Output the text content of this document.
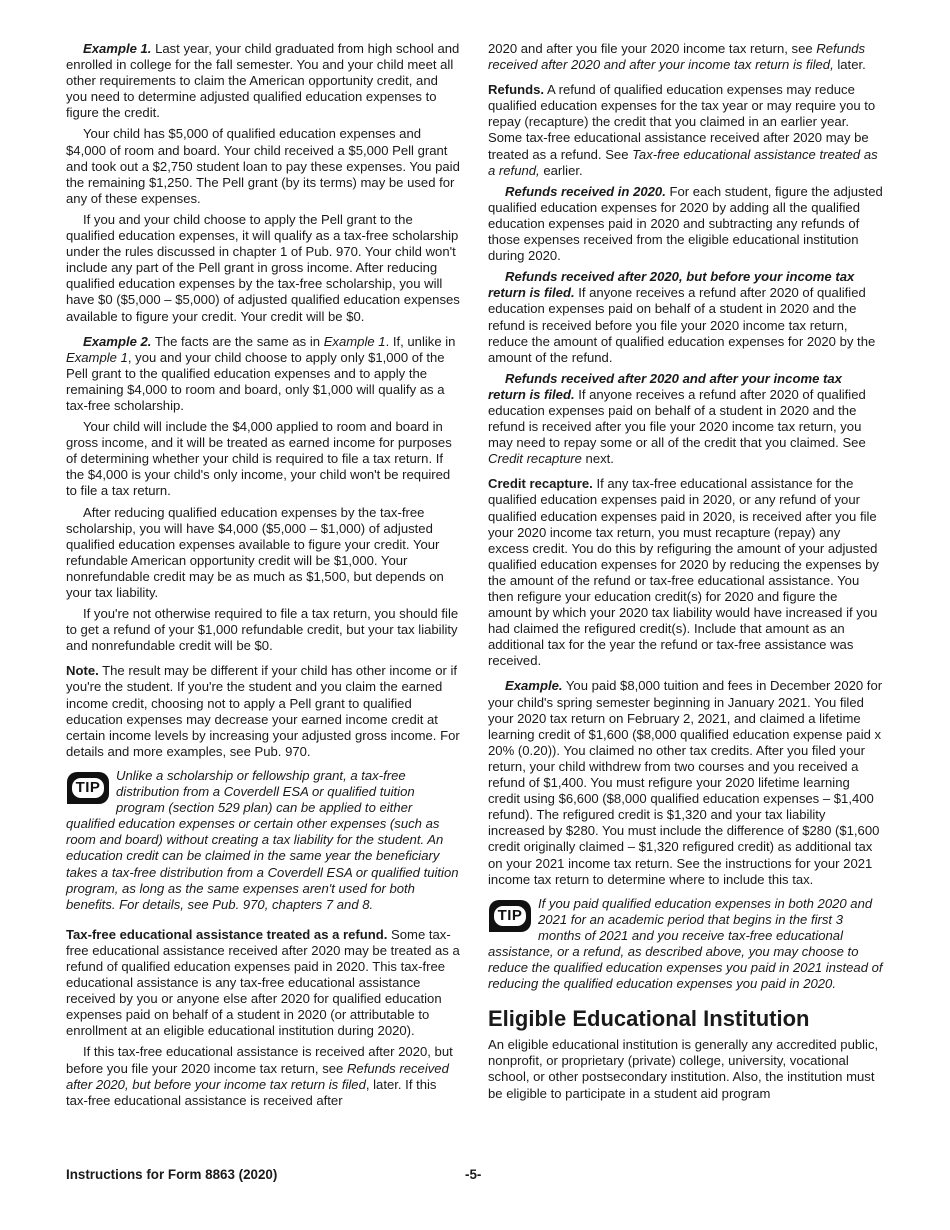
Example 1. Last year, your child graduated from high school and enrolled in college for the fall semester. You and your child meet all other requirements to claim the American opportunity credit, and you need to determine adjusted qualified education expenses to figure the credit.

Your child has $5,000 of qualified education expenses and $4,000 of room and board. Your child received a $5,000 Pell grant and took out a $2,750 student loan to pay these expenses. You paid the remaining $1,250. The Pell grant (by its terms) may be used for any of these expenses.

If you and your child choose to apply the Pell grant to the qualified education expenses, it will qualify as a tax-free scholarship under the rules discussed in chapter 1 of Pub. 970. Your child won't include any part of the Pell grant in gross income. After reducing qualified education expenses by the tax-free scholarship, you will have $0 ($5,000 – $5,000) of adjusted qualified education expenses available to figure your credit. Your credit will be $0.

Example 2. The facts are the same as in Example 1. If, unlike in Example 1, you and your child choose to apply only $1,000 of the Pell grant to the qualified education expenses and to apply the remaining $4,000 to room and board, only $1,000 will qualify as a tax-free scholarship.

Your child will include the $4,000 applied to room and board in gross income, and it will be treated as earned income for purposes of determining whether your child is required to file a tax return. If the $4,000 is your child's only income, your child won't be required to file a tax return.

After reducing qualified education expenses by the tax-free scholarship, you will have $4,000 ($5,000 – $1,000) of adjusted qualified education expenses available to figure your credit. Your refundable American opportunity credit will be $1,000. Your nonrefundable credit may be as much as $1,500, but depends on your tax liability.

If you're not otherwise required to file a tax return, you should file to get a refund of your $1,000 refundable credit, but your tax liability and nonrefundable credit will be $0.

Note. The result may be different if your child has other income or if you're the student. If you're the student and you claim the earned income credit, choosing not to apply a Pell grant to qualified education expenses may decrease your earned income credit at certain income levels by increasing your adjusted gross income. For details and more examples, see Pub. 970.

TIP
Unlike a scholarship or fellowship grant, a tax-free distribution from a Coverdell ESA or qualified tuition program (section 529 plan) can be applied to either qualified education expenses or certain other expenses (such as room and board) without creating a tax liability for the student. An education credit can be claimed in the same year the beneficiary takes a tax-free distribution from a Coverdell ESA or qualified tuition program, as long as the same expenses aren't used for both benefits. For details, see Pub. 970, chapters 7 and 8.

Tax-free educational assistance treated as a refund. Some tax-free educational assistance received after 2020 may be treated as a refund of qualified education expenses paid in 2020. This tax-free educational assistance is any tax-free educational assistance received by you or anyone else after 2020 for qualified education expenses paid on behalf of a student in 2020 (or attributable to enrollment at an eligible educational institution during 2020).

If this tax-free educational assistance is received after 2020, but before you file your 2020 income tax return, see Refunds received after 2020, but before your income tax return is filed, later. If this tax-free educational assistance is received after

2020 and after you file your 2020 income tax return, see Refunds received after 2020 and after your income tax return is filed, later.

Refunds. A refund of qualified education expenses may reduce qualified education expenses for the tax year or may require you to repay (recapture) the credit that you claimed in an earlier year. Some tax-free educational assistance received after 2020 may be treated as a refund. See Tax-free educational assistance treated as a refund, earlier.

Refunds received in 2020. For each student, figure the adjusted qualified education expenses for 2020 by adding all the qualified education expenses paid in 2020 and subtracting any refunds of those expenses received from the eligible educational institution during 2020.

Refunds received after 2020, but before your income tax return is filed. If anyone receives a refund after 2020 of qualified education expenses paid on behalf of a student in 2020 and the refund is received before you file your 2020 income tax return, reduce the amount of qualified education expenses for 2020 by the amount of the refund.

Refunds received after 2020 and after your income tax return is filed. If anyone receives a refund after 2020 of qualified education expenses paid on behalf of a student in 2020 and the refund is received after you file your 2020 income tax return, you may need to repay some or all of the credit that you claimed. See Credit recapture next.

Credit recapture. If any tax-free educational assistance for the qualified education expenses paid in 2020, or any refund of your qualified education expenses paid in 2020, is received after you file your 2020 income tax return, you must recapture (repay) any excess credit. You do this by refiguring the amount of your adjusted qualified education expenses for 2020 by reducing the expenses by the amount of the refund or tax-free educational assistance. You then refigure your education credit(s) for 2020 and figure the amount by which your 2020 tax liability would have increased if you had claimed the refigured credit(s). Include that amount as an additional tax for the year the refund or tax-free assistance was received.

Example. You paid $8,000 tuition and fees in December 2020 for your child's spring semester beginning in January 2021. You filed your 2020 tax return on February 2, 2021, and claimed a lifetime learning credit of $1,600 ($8,000 qualified education expense paid x 20% (0.20)). You claimed no other tax credits. After you filed your return, your child withdrew from two courses and you received a refund of $1,400. You must refigure your 2020 lifetime learning credit using $6,600 ($8,000 qualified education expenses – $1,400 refund). The refigured credit is $1,320 and your tax liability increased by $280. You must include the difference of $280 ($1,600 credit originally claimed – $1,320 refigured credit) as additional tax on your 2021 income tax return. See the instructions for your 2021 income tax return to determine where to include this tax.

TIP
If you paid qualified education expenses in both 2020 and 2021 for an academic period that begins in the first 3 months of 2021 and you receive tax-free educational assistance, or a refund, as described above, you may choose to reduce the qualified education expenses you paid in 2021 instead of reducing the qualified education expenses you paid in 2020.
Eligible Educational Institution

An eligible educational institution is generally any accredited public, nonprofit, or proprietary (private) college, university, vocational school, or other postsecondary institution. Also, the institution must be eligible to participate in a student aid program

Instructions for Form 8863 (2020)	-5-
